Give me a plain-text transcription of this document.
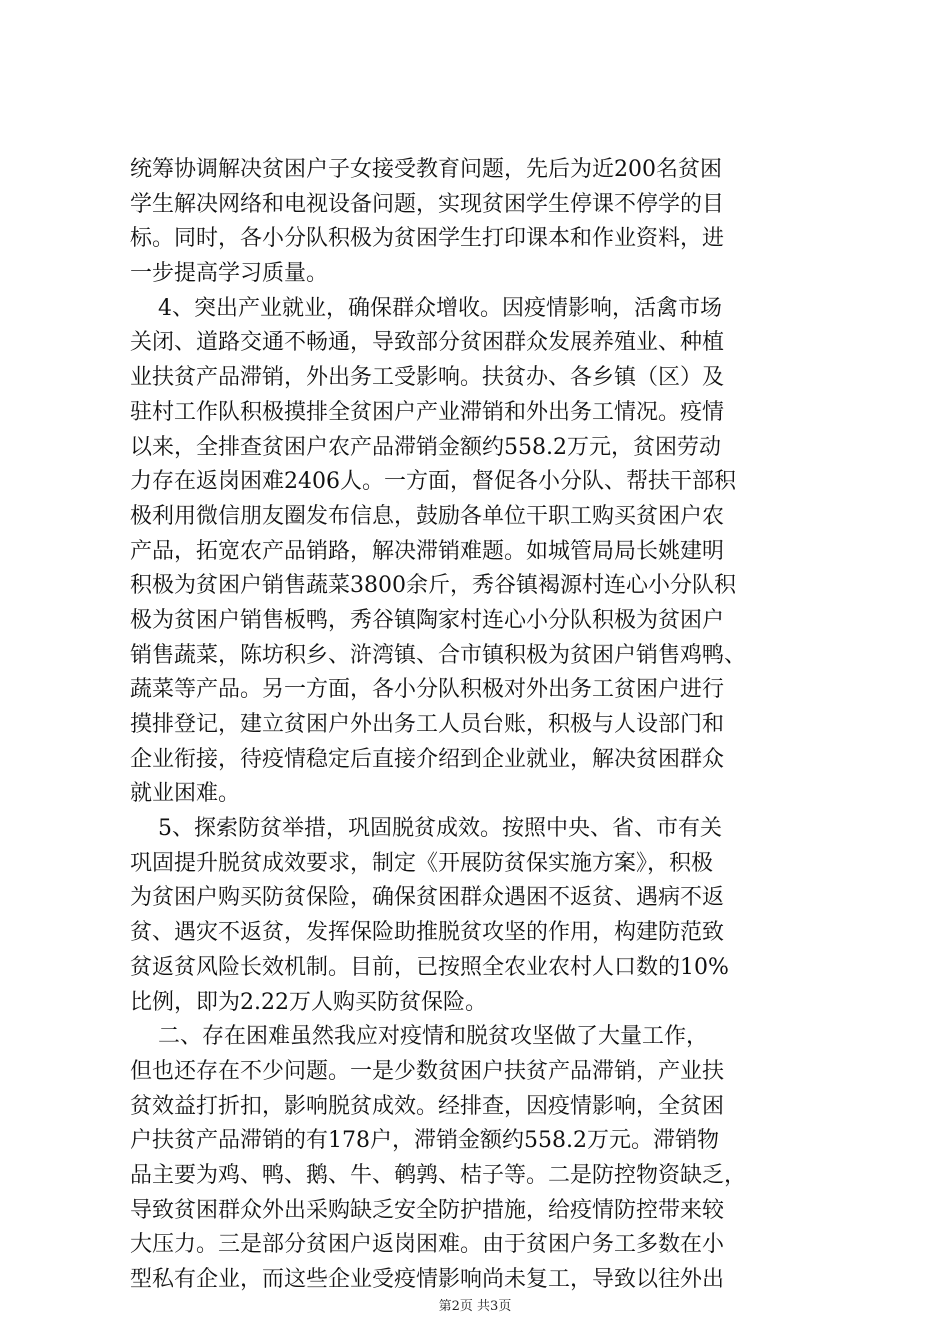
统筹协调解决贫困户子女接受教育问题，先后为近200名贫困
学生解决网络和电视设备问题，实现贫困学生停课不停学的目
标。同时，各小分队积极为贫困学生打印课本和作业资料，进
一步提高学习质量。
4、突出产业就业，确保群众增收。因疫情影响，活禽市场
关闭、道路交通不畅通，导致部分贫困群众发展养殖业、种植
业扶贫产品滞销，外出务工受影响。扶贫办、各乡镇（区）及
驻村工作队积极摸排全贫困户产业滞销和外出务工情况。疫情
以来，全排查贫困户农产品滞销金额约558.2万元，贫困劳动
力存在返岗困难2406人。一方面，督促各小分队、帮扶干部积
极利用微信朋友圈发布信息，鼓励各单位干职工购买贫困户农
产品，拓宽农产品销路，解决滞销难题。如城管局局长姚建明
积极为贫困户销售蔬菜3800余斤，秀谷镇褐源村连心小分队积
极为贫困户销售板鸭，秀谷镇陶家村连心小分队积极为贫困户
销售蔬菜，陈坊积乡、浒湾镇、合市镇积极为贫困户销售鸡鸭、
蔬菜等产品。另一方面，各小分队积极对外出务工贫困户进行
摸排登记，建立贫困户外出务工人员台账，积极与人设部门和
企业衔接，待疫情稳定后直接介绍到企业就业，解决贫困群众
就业困难。
5、探索防贫举措，巩固脱贫成效。按照中央、省、市有关
巩固提升脱贫成效要求，制定《开展防贫保实施方案》，积极
为贫困户购买防贫保险，确保贫困群众遇困不返贫、遇病不返
贫、遇灾不返贫，发挥保险助推脱贫攻坚的作用，构建防范致
贫返贫风险长效机制。目前，已按照全农业农村人口数的10%
比例，即为2.22万人购买防贫保险。
二、存在困难虽然我应对疫情和脱贫攻坚做了大量工作，
但也还存在不少问题。一是少数贫困户扶贫产品滞销，产业扶
贫效益打折扣，影响脱贫成效。经排查，因疫情影响，全贫困
户扶贫产品滞销的有178户，滞销金额约558.2万元。滞销物
品主要为鸡、鸭、鹅、牛、鹌鹑、桔子等。二是防控物资缺乏，
导致贫困群众外出采购缺乏安全防护措施，给疫情防控带来较
大压力。三是部分贫困户返岗困难。由于贫困户务工多数在小
型私有企业，而这些企业受疫情影响尚未复工，导致以往外出
第2页 共3页
